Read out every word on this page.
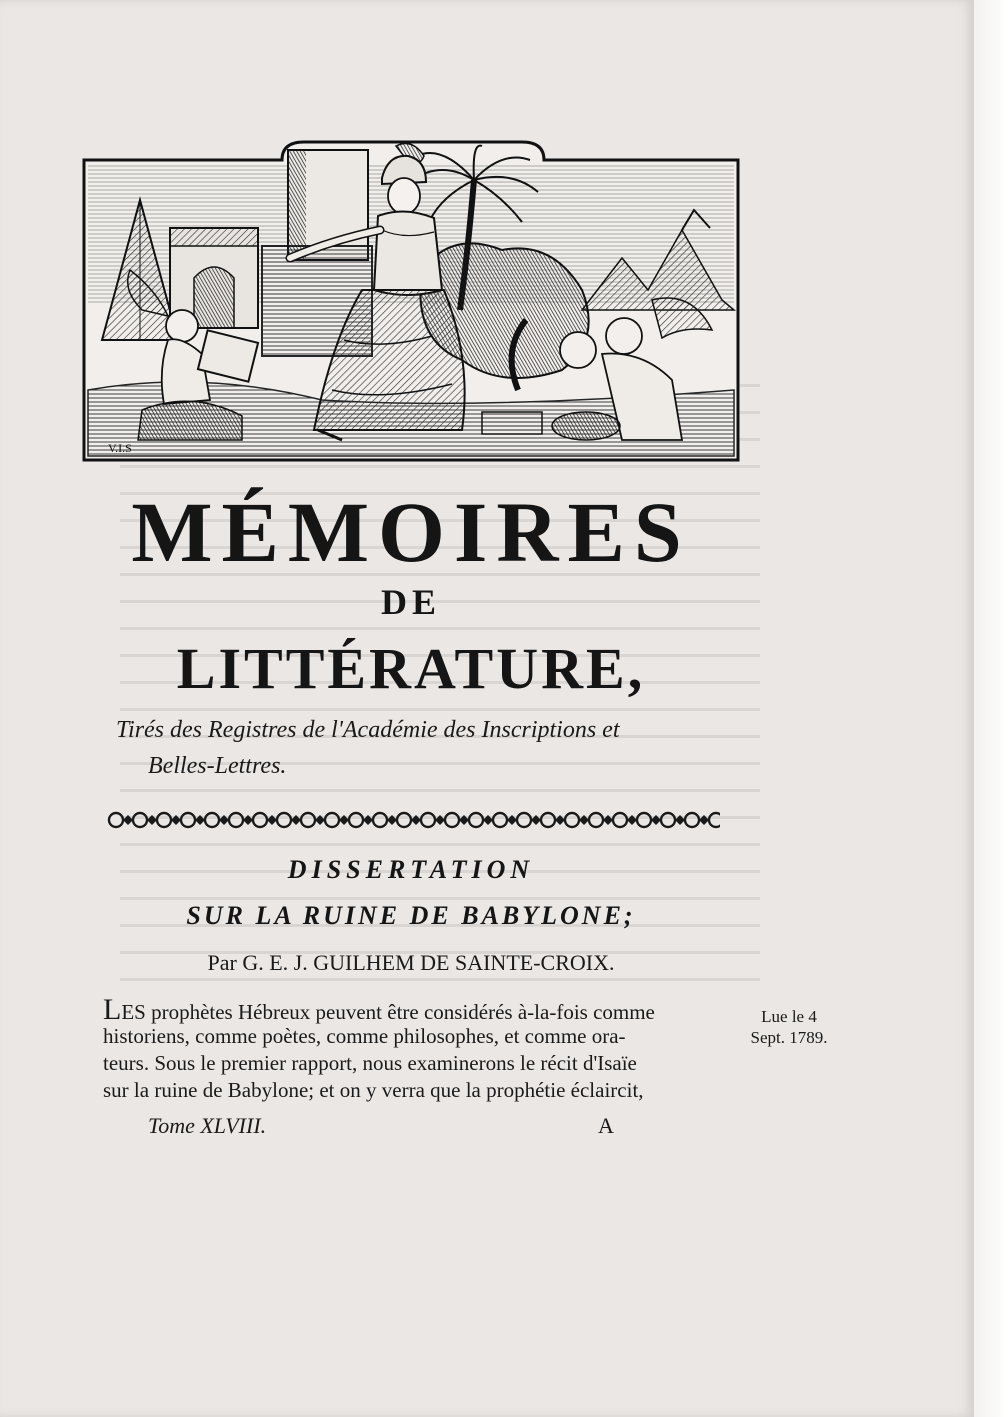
V.I.S
MÉMOIRES
DE
LITTÉRATURE,

Tirés des Registres de l'Académie des Inscriptions et

Belles-Lettres.

DISSERTATION
SUR LA RUINE DE BABYLONE;

Par G. E. J. GUILHEM DE SAINTE-CROIX.

LES prophètes Hébreux peuvent être considérés à-la-fois comme
historiens, comme poètes, comme philosophes, et comme ora-
teurs. Sous le premier rapport, nous examinerons le récit d'Isaïe
sur la ruine de Babylone; et on y verra que la prophétie éclaircit,
Lue le 4
Sept. 1789.

Tome XLVIII.	A
